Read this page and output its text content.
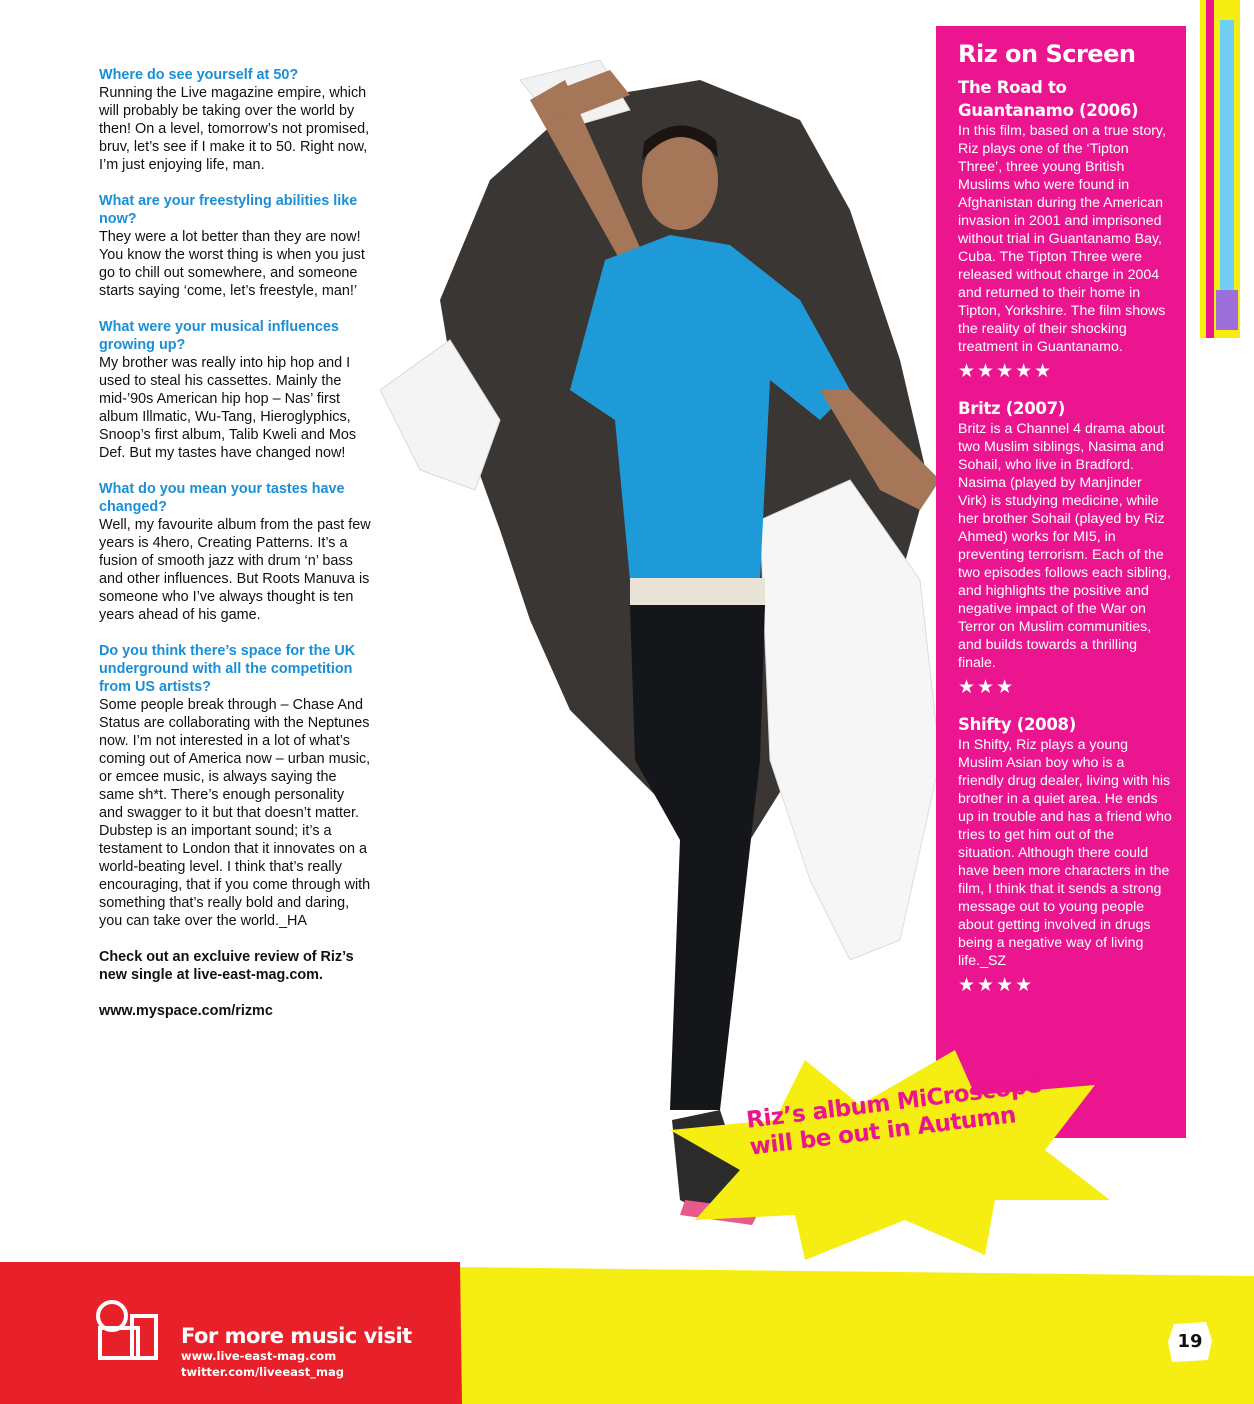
Where do see yourself at 50?
Running the Live magazine empire, which will probably be taking over the world by then! On a level, tomorrow’s not promised, bruv, let’s see if I make it to 50. Right now, I’m just enjoying life, man.
What are your freestyling abilities like now?
They were a lot better than they are now! You know the worst thing is when you just go to chill out somewhere, and someone starts saying ‘come, let’s freestyle, man!’
What were your musical influences growing up?
My brother was really into hip hop and I used to steal his cassettes. Mainly the mid-’90s American hip hop – Nas’ first album Illmatic, Wu-Tang, Hieroglyphics, Snoop’s first album, Talib Kweli and Mos Def. But my tastes have changed now!
What do you mean your tastes have changed?
Well, my favourite album from the past few years is 4hero, Creating Patterns. It’s a fusion of smooth jazz with drum ‘n’ bass and other influences. But Roots Manuva is someone who I’ve always thought is ten years ahead of his game.
Do you think there’s space for the UK underground with all the competition from US artists?
Some people break through – Chase And Status are collaborating with the Neptunes now. I’m not interested in a lot of what’s coming out of America now – urban music, or emcee music, is always saying the same sh*t. There’s enough personality and swagger to it but that doesn’t matter. Dubstep is an important sound; it’s a testament to London that it innovates on a world-beating level. I think that’s really encouraging, that if you come through with something that’s really bold and daring, you can take over the world._HA
Check out an excluive review of Riz’s new single at live-east-mag.com.
www.myspace.com/rizmc
Riz on Screen
The Road to Guantanamo (2006)
In this film, based on a true story, Riz plays one of the ‘Tipton Three’, three young British Muslims who were found in Afghanistan during the American invasion in 2001 and imprisoned without trial in Guantanamo Bay, Cuba. The Tipton Three were released without charge in 2004 and returned to their home in Tipton, Yorkshire. The film shows the reality of their shocking treatment in Guantanamo.
★★★★★
Britz (2007)
Britz is a Channel 4 drama about two Muslim siblings, Nasima and Sohail, who live in Bradford. Nasima (played by Manjinder Virk) is studying medicine, while her brother Sohail (played by Riz Ahmed) works for MI5, in preventing terrorism. Each of the two episodes follows each sibling, and highlights the positive and negative impact of the War on Terror on Muslim communities, and builds towards a thrilling finale.
★★★
Shifty (2008)
In Shifty, Riz plays a young Muslim Asian boy who is a friendly drug dealer, living with his brother in a quiet area. He ends up in trouble and has a friend who tries to get him out of the situation. Although there could have been more characters in the film, I think that it sends a strong message out to young people about getting involved in drugs being a negative way of living life._SZ
★★★★
Riz’s album MiCroscope will be out in Autumn
For more music visit
www.live-east-mag.com
twitter.com/liveeast_mag
19
